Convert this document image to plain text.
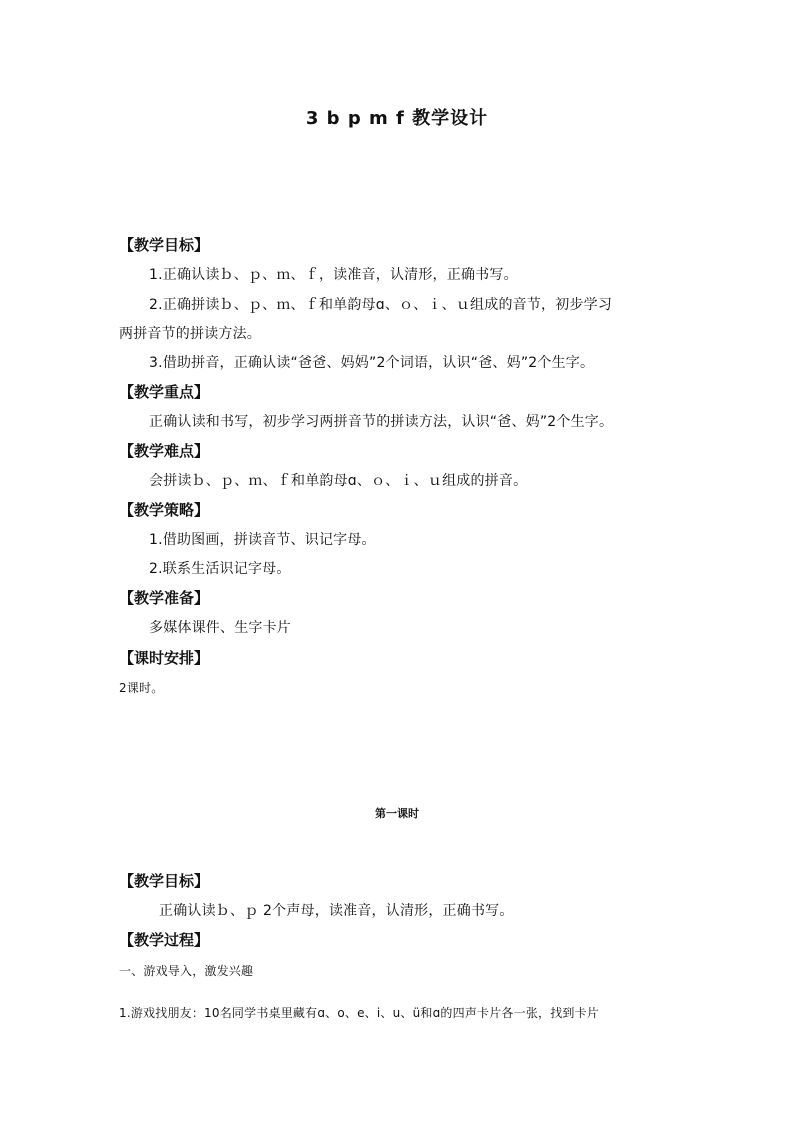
3 b p m f 教学设计
【教学目标】
1.正确认读ｂ、ｐ、ｍ、ｆ，读准音，认清形，正确书写。
2.正确拼读ｂ、ｐ、ｍ、ｆ和单韵母ɑ、ｏ、ｉ、ｕ组成的音节，初步学习
两拼音节的拼读方法。
3.借助拼音，正确认读“爸爸、妈妈”2个词语，认识“爸、妈”2个生字。
【教学重点】
正确认读和书写，初步学习两拼音节的拼读方法，认识“爸、妈”2个生字。
【教学难点】
会拼读ｂ、ｐ、ｍ、ｆ和单韵母ɑ、ｏ、ｉ、ｕ组成的拼音。
【教学策略】
1.借助图画，拼读音节、识记字母。
2.联系生活识记字母。
【教学准备】
多媒体课件、生字卡片
【课时安排】
2课时。
第一课时
【教学目标】
正确认读ｂ、ｐ 2个声母，读准音，认清形，正确书写。
【教学过程】
一、游戏导入，激发兴趣
1.游戏找朋友：10名同学书桌里藏有ɑ、o、e、i、u、ü和ɑ的四声卡片各一张，找到卡片
